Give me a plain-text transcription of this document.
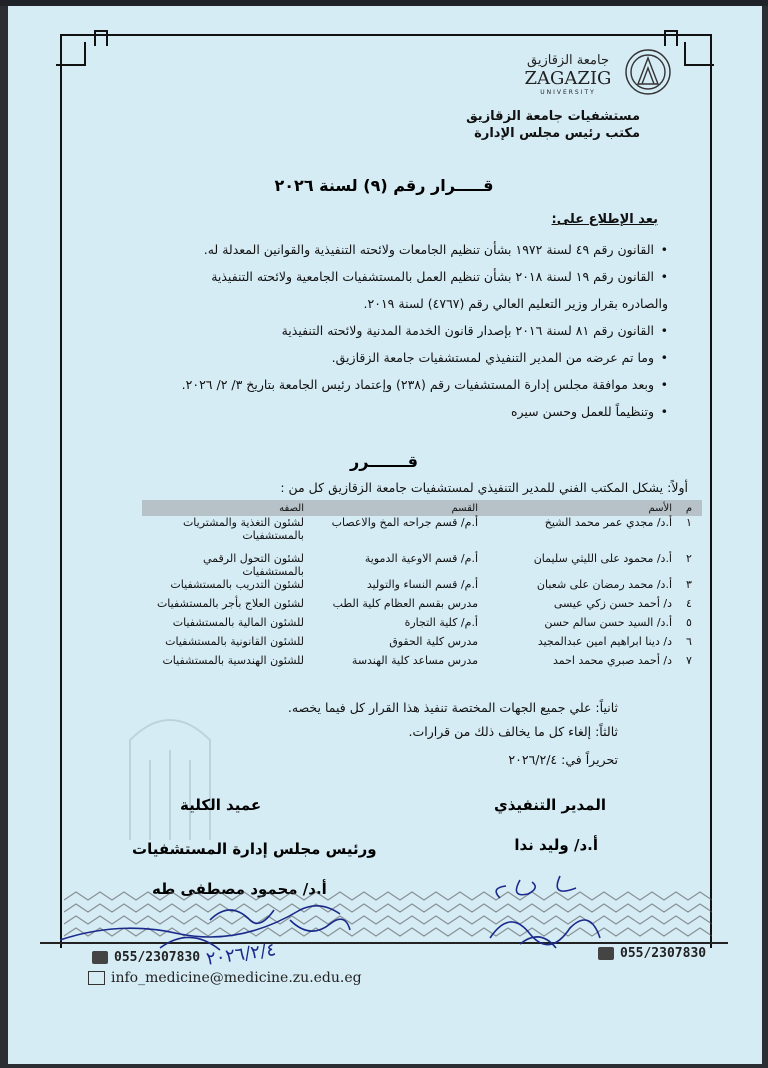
جامعة الزقازيق
ZAGAZIG
UNIVERSITY
مستشفيات جامعة الزقازيق
مكتب رئيس مجلس الإدارة
قـــــرار رقم (٩) لسنة ٢٠٢٦
بعد الإطلاع على:
• القانون رقم ٤٩ لسنة ١٩٧٢ بشأن تنظيم الجامعات ولائحته التنفيذية والقوانين المعدلة له.
• القانون رقم ١٩ لسنة ٢٠١٨ بشأن تنظيم العمل بالمستشفيات الجامعية ولائحته التنفيذية
والصادره بقرار وزير التعليم العالي رقم (٤٧٦٧) لسنة ٢٠١٩.
• القانون رقم ٨١ لسنة ٢٠١٦ بإصدار قانون الخدمة المدنية ولائحته التنفيذية
• وما تم عرضه من المدير التنفيذي لمستشفيات جامعة الزقازيق.
• وبعد موافقة مجلس إدارة المستشفيات رقم (٢٣٨) وإعتماد رئيس الجامعة بتاريخ ٣/ ٢/ ٢٠٢٦.
• وتنظيماً للعمل وحسن سيره
قـــــــرر
أولاً: يشكل المكتب الفني للمدير التنفيذي لمستشفيات جامعة الزقازيق كل من :
م	الأسم	القسم	الصفه
١	أ.د/ مجدي عمر محمد الشيخ	أ.م/ قسم جراحه المخ والاعصاب	لشئون التغذية والمشتريات بالمستشفيات
٢	أ.د/ محمود على الليثي سليمان	أ.م/ قسم الاوعية الدموية	لشئون التحول الرقمي بالمستشفيات
٣	أ.د/ محمد رمضان على شعبان	أ.م/ قسم النساء والتوليد	لشئون التدريب بالمستشفيات
٤	د/ أحمد حسن زكي عيسى	مدرس بقسم العظام كلية الطب	لشئون العلاج بأجر بالمستشفيات
٥	أ.د/ السيد حسن سالم حسن	أ.م/ كلية التجارة	للشئون المالية بالمستشفيات
٦	د/ دينا ابراهيم امين عبدالمجيد	مدرس كلية الحقوق	للشئون القانونية بالمستشفيات
٧	د/ أحمد صبري محمد احمد	مدرس مساعد كلية الهندسة	للشئون الهندسية بالمستشفيات
ثانياً: علي جميع الجهات المختصة تنفيذ هذا القرار كل فيما يخصه.
ثالثاً: إلغاء كل ما يخالف ذلك من قرارات.
تحريراً في: ٢٠٢٦/٢/٤
المدير التنفيذي
أ.د/ وليد ندا
عميد الكلية
ورئيس مجلس إدارة المستشفيات
أ.د/ محمود مصطفى طه
٢٠٢٦/٢/٤
055/2307830	055/2307830
info_medicine@medicine.zu.edu.eg
